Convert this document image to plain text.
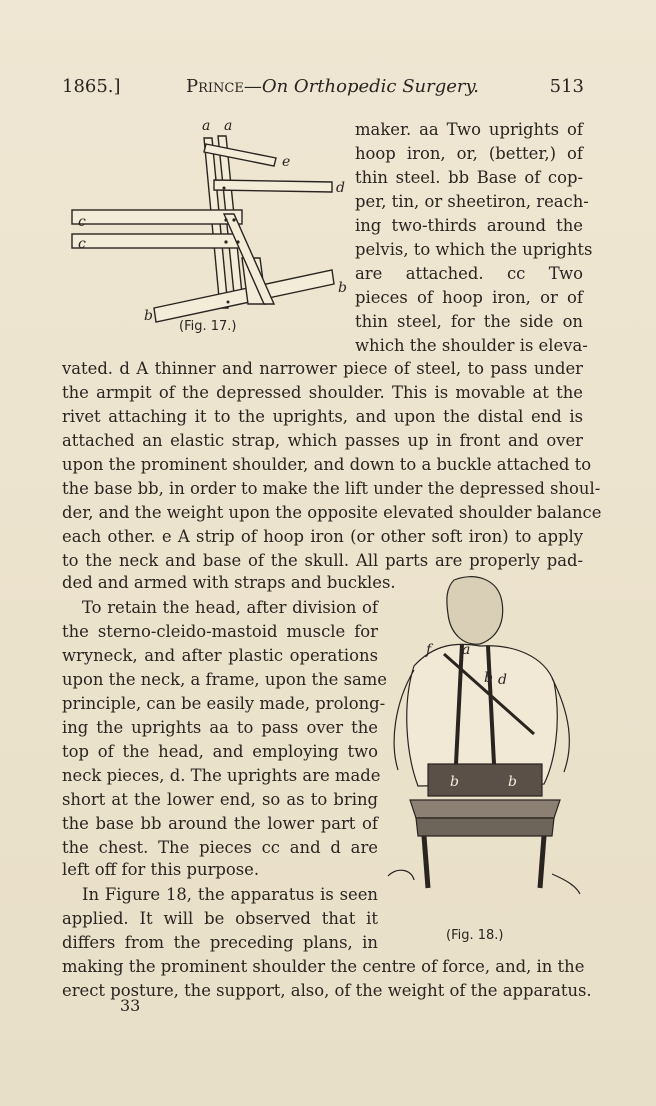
1865.]	Prince—On Orthopedic Surgery.	513
a a
e
d
c
c
b
b
(Fig. 17.)
f a
b d
b	b
(Fig. 18.)
maker. aa Two uprights of
hoop iron, or, (better,) of
thin steel. bb Base of cop-
per, tin, or sheetiron, reach-
ing two-thirds around the
pelvis, to which the uprights
are attached. cc Two
pieces of hoop iron, or of
thin steel, for the side on
which the shoulder is eleva-
vated. d A thinner and narrower piece of steel, to pass under
the armpit of the depressed shoulder. This is movable at the
rivet attaching it to the uprights, and upon the distal end is
attached an elastic strap, which passes up in front and over
upon the prominent shoulder, and down to a buckle attached to
the base bb, in order to make the lift under the depressed shoul-
der, and the weight upon the opposite elevated shoulder balance
each other. e A strip of hoop iron (or other soft iron) to apply
to the neck and base of the skull. All parts are properly pad-
ded and armed with straps and buckles.
To retain the head, after division of
the sterno-cleido-mastoid muscle for
wryneck, and after plastic operations
upon the neck, a frame, upon the same
principle, can be easily made, prolong-
ing the uprights aa to pass over the
top of the head, and employing two
neck pieces, d. The uprights are made
short at the lower end, so as to bring
the base bb around the lower part of
the chest. The pieces cc and d are
left off for this purpose.
In Figure 18, the apparatus is seen
applied. It will be observed that it
differs from the preceding plans, in
making the prominent shoulder the centre of force, and, in the
erect posture, the support, also, of the weight of the apparatus.
33
